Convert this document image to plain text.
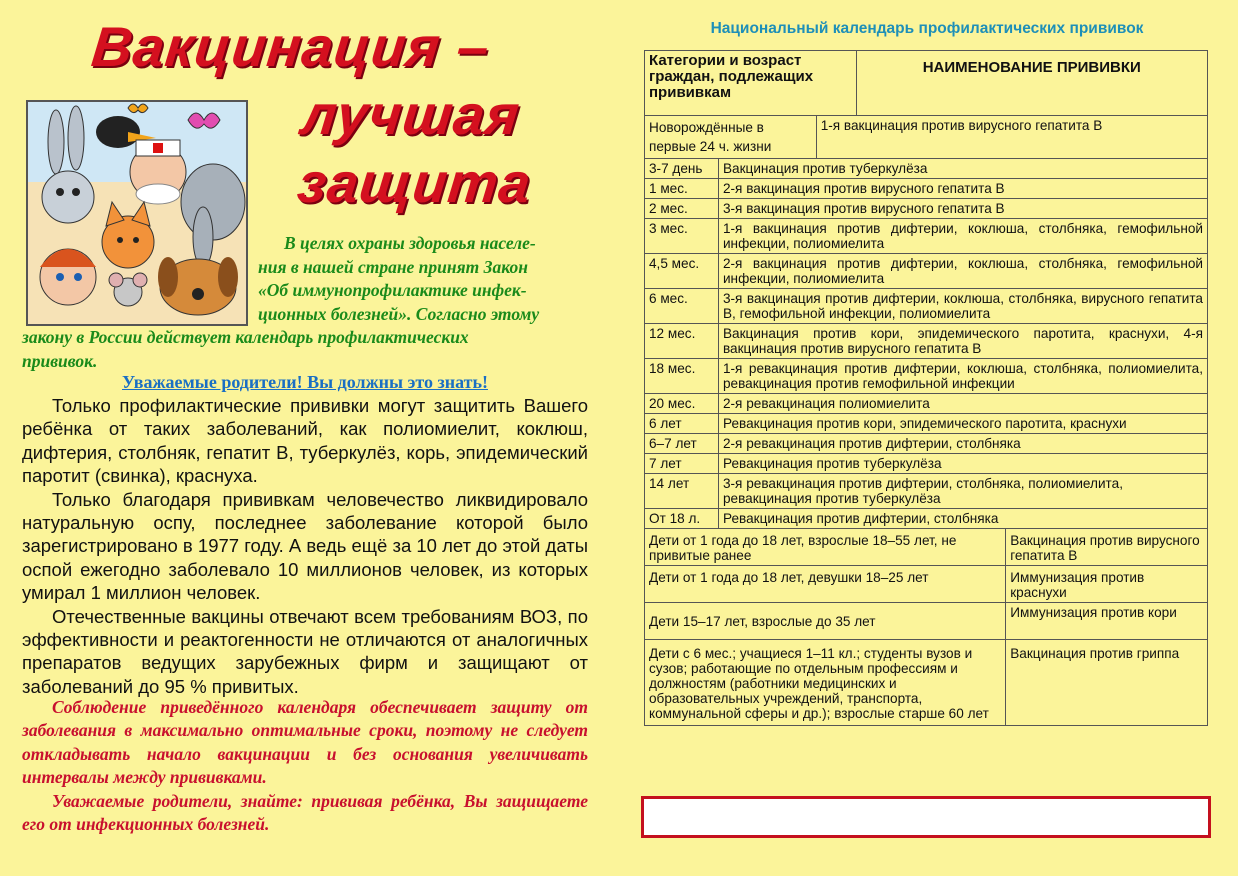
Вакцинация –
лучшая
защита
В целях охраны здоровья населе-
ния в нашей стране принят Закон
«Об иммунопрофилактике инфек-
ционных болезней». Согласно этому
закону в России действует календарь профилактических
прививок.
Уважаемые родители! Вы должны это знать!

Только профилактические прививки могут защитить Вашего ребёнка от таких заболеваний, как полиомиелит, коклюш, дифтерия, столбняк, гепатит В, туберкулёз, корь, эпидемический паротит (свинка), краснуха.

Только благодаря прививкам человечество ликвидировало натуральную оспу, последнее заболевание которой было зарегистрировано в 1977 году. А ведь ещё за 10 лет до этой даты оспой ежегодно заболевало 10 миллионов человек, из которых умирал 1 миллион человек.

Отечественные вакцины отвечают всем требованиям ВОЗ, по эффективности и реактогенности не отличаются от аналогичных препаратов ведущих зарубежных фирм и защищают от заболеваний до 95 % привитых.

Соблюдение приведённого календаря обеспечивает защиту от заболевания в максимально оптимальные сроки, поэтому не следует откладывать начало вакцинации и без основания увеличивать интервалы между прививками.
Уважаемые родители, знайте: прививая ребёнка, Вы защищаете его от инфекционных болезней.
Национальный календарь профилактических прививок
Категории и возраст граждан, подлежащих прививкам			НАИМЕНОВАНИЕ ПРИВИВКИ	
Новорождённые в первые 24 ч. жизни		1-я вакцинация против вирусного гепатита В		
3-7 день	Вакцинация против туберкулёза			
1 мес.	2-я вакцинация против вирусного гепатита В			
2 мес.	3-я вакцинация против вирусного гепатита В			
3 мес.	1-я вакцинация против дифтерии, коклюша, столбняка, гемофильной инфекции, полиомиелита			
4,5 мес.	2-я вакцинация против дифтерии, коклюша, столбняка, гемофильной инфекции, полиомиелита			
6 мес.	3-я вакцинация против дифтерии, коклюша, столбняка, вирусного гепатита В, гемофильной инфекции, полиомиелита			
12 мес.	Вакцинация против кори, эпидемического паротита, краснухи, 4-я вакцинация против вирусного гепатита В			
18 мес.	1-я ревакцинация против дифтерии, коклюша, столбняка, полиомиелита, ревакцинация против гемофильной инфекции			
20 мес.	2-я ревакцинация полиомиелита			
6 лет	Ревакцинация против кори, эпидемического паротита, краснухи			
6–7 лет	2-я ревакцинация против дифтерии, столбняка			
7 лет	Ревакцинация против туберкулёза			
14 лет	3-я ревакцинация против дифтерии, столбняка, полиомиелита, ревакцинация против туберкулёза			
От 18 л.	Ревакцинация против дифтерии, столбняка			
Дети от 1 года до 18 лет, взрослые 18–55 лет, не привитые ранее				Вакцинация против вирусного гепатита В
Дети от 1 года до 18 лет, девушки 18–25 лет				Иммунизация против краснухи
Дети 15–17 лет, взрослые до 35 лет				Иммунизация против кори
Дети с 6 мес.; учащиеся 1–11 кл.; студенты вузов и сузов; работающие по отдельным профессиям и должностям (работники медицинских и образовательных учреждений, транспорта, коммунальной сферы и др.); взрослые старше 60 лет				Вакцинация против гриппа
